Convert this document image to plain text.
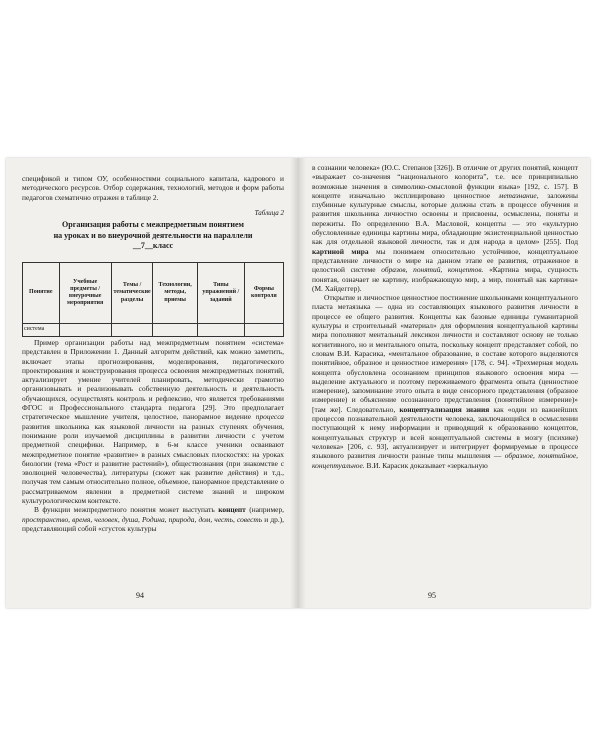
спецификой и типом ОУ, особенностями социального капитала, кадрового и методического ресурсов. Отбор содержания, технологий, методов и форм работы педагогов схематично отражен в таблице 2.

Таблица 2
Организация работы с межпредметным понятием
на уроках и во внеурочной деятельности на параллели
__7__класс
Понятие	Учебные предметы / внеурочные мероприятия	Темы / тематические разделы	Технологии, методы, приемы	Типы упражнений / заданий	Формы контроля
система					

Пример организации работы над межпредметным понятием «система» представлен в Приложении 1. Данный алгоритм действий, как можно заметить, включает этапы прогнозирования, моделирования, педагогического проектирования и конструирования процесса освоения межпредметных понятий, актуализирует умение учителей планировать, методически грамотно организовывать и реализовывать собственную деятельность и деятельность обучающихся, осуществлять контроль и рефлексию, что является требованиями ФГОС и Профессионального стандарта педагога [29]. Это предполагает стратегическое мышление учителя, целостное, панорамное видение процесса развития школьника как языковой личности на разных ступенях обучения, понимание роли изучаемой дисциплины в развитии личности с учетом предметной специфики. Например, в 6-м классе ученики осваивают межпредметное понятие «развитие» в разных смысловых плоскостях: на уроках биологии (тема «Рост и развитие растений»), обществознания (при знакомстве с эволюцией человечества), литературы (сюжет как развитие действия) и т.д., получая тем самым относительно полное, объемное, панорамное представление о рассматриваемом явлении в предметной системе знаний и широком культурологическом контексте.

В функции межпредметного понятия может выступать концепт (например, пространство, время, человек, душа, Родина, природа, дом, честь, совесть и др.), представляющий собой «сгусток культуры

94

в сознании человека» (Ю.С. Степанов [326]). В отличие от других понятий, концепт «выражает со-значения “национального колорита”, т.е. все принципиально возможные значения в символико-смысловой функции языка» [192, с. 157]. В концепте изначально эксплицировано ценностное метазнание, заложены глубинные культурные смыслы, которые должны стать в процессе обучения и развития школьника личностно освоены и присвоены, осмыслены, поняты и пережиты. По определению В.А. Масловой, концепты — это «культурно обусловленные единицы картины мира, обладающие экзистенциальной ценностью как для отдельной языковой личности, так и для народа в целом» [255]. Под картиной мира мы понимаем относительно устойчивое, концептуальное представление личности о мире на данном этапе ее развития, отраженное в целостной системе образов, понятий, концептов. «Картина мира, сущность понятая, означает не картину, изображающую мир, а мир, понятый как картина» (М. Хайдеггер).

Открытие и личностное ценностное постижение школьниками концептуального пласта метаязыка — одна из составляющих языкового развития личности в процессе ее общего развития. Концепты как базовые единицы гуманитарной культуры и строительный «материал» для оформления концептуальной картины мира пополняют ментальный лексикон личности и составляют основу не только когнитивного, но и ментального опыта, поскольку концепт представляет собой, по словам В.И. Карасика, «ментальное образование, в составе которого выделяются понятийное, образное и ценностное измерения» [178, с. 94]. «Трехмерная модель концепта обусловлена осознанием принципов языкового освоения мира — выделение актуального и поэтому переживаемого фрагмента опыта (ценностное измерение), запоминание этого опыта в виде сенсорного представления (образное измерение) и объяснение осознанного представления (понятийное измерение)» [там же]. Следовательно, концептуализация знания как «один из важнейших процессов познавательной деятельности человека, заключающийся в осмыслении поступающей к нему информации и приводящий к образованию концептов, концептуальных структур и всей концептуальной системы в мозгу (психике) человека» [206, с. 93], актуализирует и интегрирует формируемые в процессе языкового развития личности разные типы мышления — образное, понятийное, концептуальное. В.И. Карасик доказывает «зеркальную

95
